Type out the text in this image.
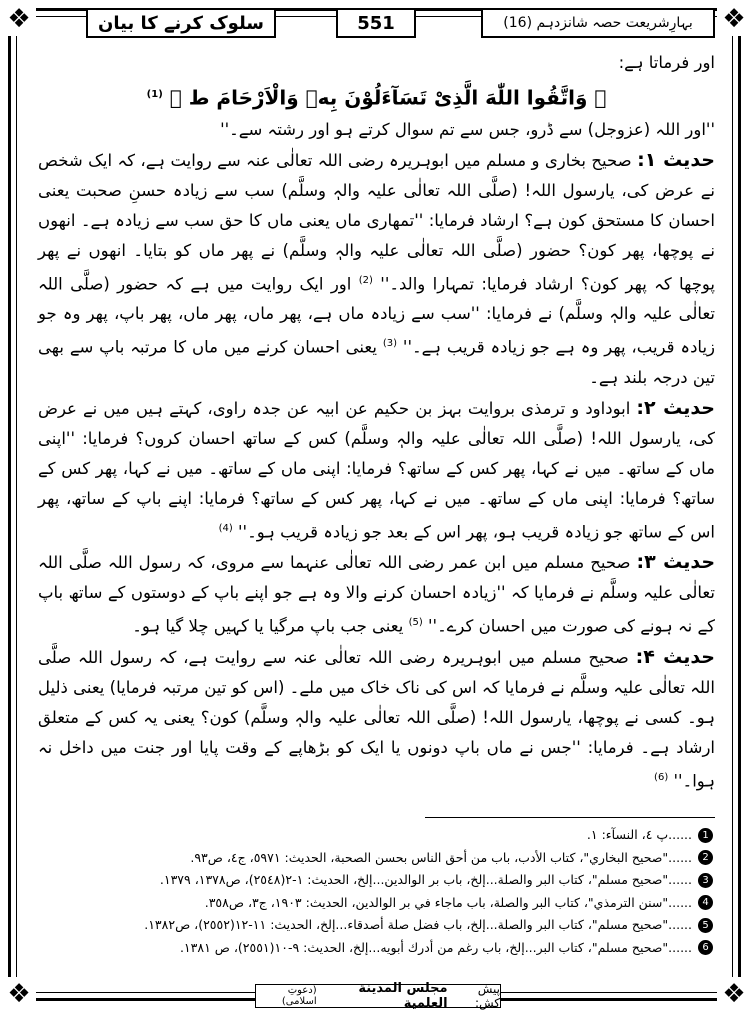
❖	❖
❖	❖
بہارِشریعت حصہ شانزدہم (16)
551
سلوک کرنے کا بیان

اور فرماتا ہے:

﴿ وَاتَّقُوا اللّٰهَ الَّذِیْ تَسَآءَلُوْنَ بِهٖ وَالْاَرْحَامَ ط ﴾ $^{(1)}$

''اور اللہ (عزوجل) سے ڈرو، جس سے تم سوال کرتے ہو اور رشتہ سے۔''

حدیث ۱: صحیح بخاری و مسلم میں ابوہریرہ رضی اللہ تعالٰی عنہ سے روایت ہے، کہ ایک شخص نے عرض کی، یارسول اللہ! (صلَّی اللہ تعالٰی علیہ والہٖ وسلَّم) سب سے زیادہ حسنِ صحبت یعنی احسان کا مستحق کون ہے؟ ارشاد فرمایا: ''تمھاری ماں یعنی ماں کا حق سب سے زیادہ ہے۔ انھوں نے پوچھا، پھر کون؟ حضور (صلَّی اللہ تعالٰی علیہ والہٖ وسلَّم) نے پھر ماں کو بتایا۔ انھوں نے پھر پوچھا کہ پھر کون؟ ارشاد فرمایا: تمہارا والد۔'' $^{(2)}$ اور ایک روایت میں ہے کہ حضور (صلَّی اللہ تعالٰی علیہ والہٖ وسلَّم) نے فرمایا: ''سب سے زیادہ ماں ہے، پھر ماں، پھر ماں، پھر باپ، پھر وہ جو زیادہ قریب، پھر وہ ہے جو زیادہ قریب ہے۔'' $^{(3)}$ یعنی احسان کرنے میں ماں کا مرتبہ باپ سے بھی تین درجہ بلند ہے۔

حدیث ۲: ابوداود و ترمذی بروایت بہز بن حکیم عن ابیہ عن جدہ راوی، کہتے ہیں میں نے عرض کی، یارسول اللہ! (صلَّی اللہ تعالٰی علیہ والہٖ وسلَّم) کس کے ساتھ احسان کروں؟ فرمایا: ''اپنی ماں کے ساتھ۔ میں نے کہا، پھر کس کے ساتھ؟ فرمایا: اپنی ماں کے ساتھ۔ میں نے کہا، پھر کس کے ساتھ؟ فرمایا: اپنی ماں کے ساتھ۔ میں نے کہا، پھر کس کے ساتھ؟ فرمایا: اپنے باپ کے ساتھ، پھر اس کے ساتھ جو زیادہ قریب ہو، پھر اس کے بعد جو زیادہ قریب ہو۔'' $^{(4)}$

حدیث ۳: صحیح مسلم میں ابن عمر رضی اللہ تعالٰی عنہما سے مروی، کہ رسول اللہ صلَّی اللہ تعالٰی علیہ وسلَّم نے فرمایا کہ ''زیادہ احسان کرنے والا وہ ہے جو اپنے باپ کے دوستوں کے ساتھ باپ کے نہ ہونے کی صورت میں احسان کرے۔'' $^{(5)}$ یعنی جب باپ مرگیا یا کہیں چلا گیا ہو۔

حدیث ۴: صحیح مسلم میں ابوہریرہ رضی اللہ تعالٰی عنہ سے روایت ہے، کہ رسول اللہ صلَّی اللہ تعالٰی علیہ وسلَّم نے فرمایا کہ اس کی ناک خاک میں ملے۔ (اس کو تین مرتبہ فرمایا) یعنی ذلیل ہو۔ کسی نے پوچھا، یارسول اللہ! (صلَّی اللہ تعالٰی علیہ والہٖ وسلَّم) کون؟ یعنی یہ کس کے متعلق ارشاد ہے۔ فرمایا: ''جس نے ماں باپ دونوں یا ایک کو بڑھاپے کے وقت پایا اور جنت میں داخل نہ ہوا۔'' $^{(6)}$

1
......پ ٤، النسآء: ١.
2
......"صحيح البخاري"، كتاب الأدب، باب من أحق الناس بحسن الصحبة، الحديث: ٥٩٧١، ج٤، ص٩٣.
3
......"صحيح مسلم"، كتاب البر والصلة...إلخ، باب بر الوالدين...إلخ، الحديث: ١-٢(٢٥٤٨)، ص١٣٧٨، ١٣٧٩.
4
......"سنن الترمذي"، كتاب البر والصلة، باب ماجاء في بر الوالدين، الحديث: ١٩٠٣، ج٣، ص٣٥٨.
5
......"صحيح مسلم"، كتاب البر والصلة...إلخ، باب فضل صلة أصدقاء...إلخ، الحديث: ١١-١٢(٢٥٥٢)، ص١٣٨٢.
6
......"صحيح مسلم"، كتاب البر...إلخ، باب رغم من أدرك أبويه...إلخ، الحديث: ٩-١٠(٢٥٥١)، ص ١٣٨١.
پیش کش:
مجلس المدينة العلمية
(دعوتِ اسلامی)
